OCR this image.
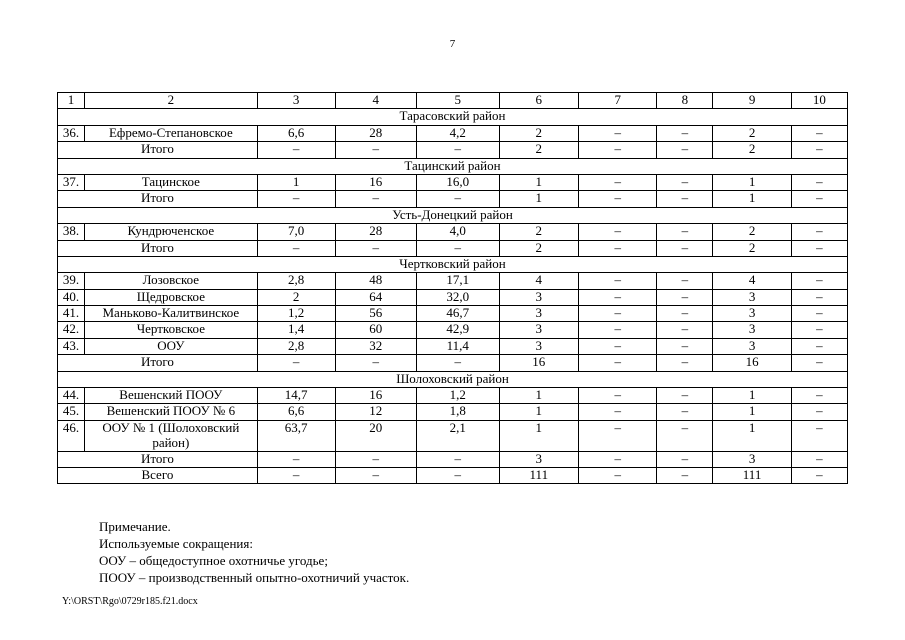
7
1	2	3	4	5	6	7	8	9	10
Тарасовский район									
36.	Ефремо-Степановское	6,6	28	4,2	2	–	–	2	–
Итого		–	–	–	2	–	–	2	–
Тацинский район									
37.	Тацинское	1	16	16,0	1	–	–	1	–
Итого		–	–	–	1	–	–	1	–
Усть-Донецкий район									
38.	Кундрюченское	7,0	28	4,0	2	–	–	2	–
Итого		–	–	–	2	–	–	2	–
Чертковский район									
39.	Лозовское	2,8	48	17,1	4	–	–	4	–
40.	Щедровское	2	64	32,0	3	–	–	3	–
41.	Маньково-Калитвинское	1,2	56	46,7	3	–	–	3	–
42.	Чертковское	1,4	60	42,9	3	–	–	3	–
43.	ООУ	2,8	32	11,4	3	–	–	3	–
Итого		–	–	–	16	–	–	16	–
Шолоховский район									
44.	Вешенский ПООУ	14,7	16	1,2	1	–	–	1	–
45.	Вешенский ПООУ № 6	6,6	12	1,8	1	–	–	1	–
46.	ООУ № 1 (Шолоховский район)	63,7	20	2,1	1	–	–	1	–
Итого		–	–	–	3	–	–	3	–
Всего		–	–	–	111	–	–	111	–
Примечание.
Используемые сокращения:
ООУ – общедоступное охотничье угодье;
ПООУ – производственный опытно-охотничий участок.
Y:\ORST\Rgo\0729r185.f21.docx
